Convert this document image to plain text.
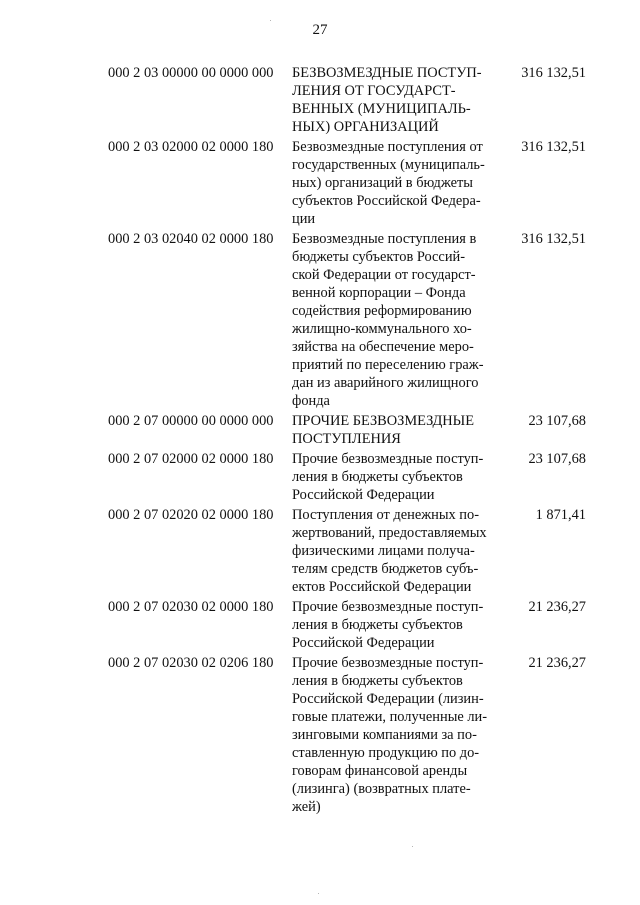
27
000 2 03 00000 00 0000 000	БЕЗВОЗМЕЗДНЫЕ ПОСТУП-
ЛЕНИЯ ОТ ГОСУДАРСТ-
ВЕННЫХ (МУНИЦИПАЛЬ-
НЫХ) ОРГАНИЗАЦИЙ
316 132,51
000 2 03 02000 02 0000 180	Безвозмездные поступления от
государственных (муниципаль-
ных) организаций в бюджеты
субъектов Российской Федера-
ции
316 132,51
000 2 03 02040 02 0000 180	Безвозмездные поступления в
бюджеты субъектов Россий-
ской Федерации от государст-
венной корпорации – Фонда
содействия реформированию
жилищно-коммунального хо-
зяйства на обеспечение меро-
приятий по переселению граж-
дан из аварийного жилищного
фонда
316 132,51
000 2 07 00000 00 0000 000	ПРОЧИЕ БЕЗВОЗМЕЗДНЫЕ
ПОСТУПЛЕНИЯ
23 107,68
000 2 07 02000 02 0000 180	Прочие безвозмездные поступ-
ления в бюджеты субъектов
Российской Федерации
23 107,68
000 2 07 02020 02 0000 180	Поступления от денежных по-
жертвований, предоставляемых
физическими лицами получа-
телям средств бюджетов субъ-
ектов Российской Федерации
1 871,41
000 2 07 02030 02 0000 180	Прочие безвозмездные поступ-
ления в бюджеты субъектов
Российской Федерации
21 236,27
000 2 07 02030 02 0206 180	Прочие безвозмездные поступ-
ления в бюджеты субъектов
Российской Федерации (лизин-
говые платежи, полученные ли-
зинговыми компаниями за по-
ставленную продукцию по до-
говорам финансовой аренды
(лизинга) (возвратных плате-
жей)
21 236,27
